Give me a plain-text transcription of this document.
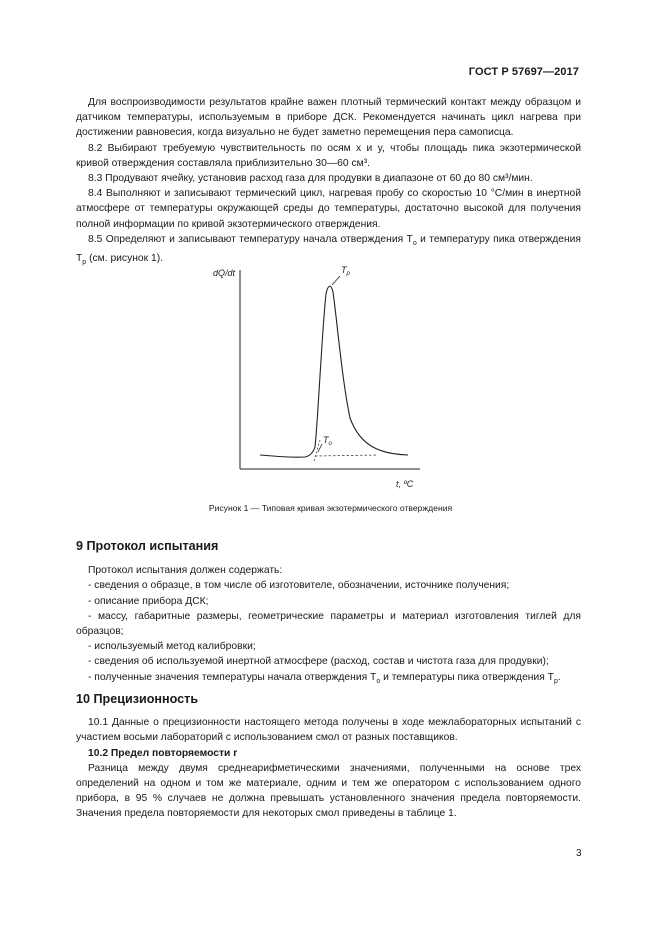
ГОСТ Р 57697—2017

Для воспроизводимости результатов крайне важен плотный термический контакт между образцом и датчиком температуры, используемым в приборе ДСК. Рекомендуется начинать цикл нагрева при достижении равновесия, когда визуально не будет заметно перемещения пера самописца.

8.2 Выбирают требуемую чувствительность по осям x и y, чтобы площадь пика экзотермической кривой отверждения составляла приблизительно 30—60 см³.

8.3 Продувают ячейку, установив расход газа для продувки в диапазоне от 60 до 80 см³/мин.

8.4 Выполняют и записывают термический цикл, нагревая пробу со скоростью 10 °С/мин в инертной атмосфере от температуры окружающей среды до температуры, достаточно высокой для получения полной информации по кривой экзотермического отверждения.

8.5 Определяют и записывают температуру начала отверждения $T_о$ и температуру пика отверждения $T_p$ (см. рисунок 1).

dQ/dt
t, ºC
$T_p$
$T_о$
Рисунок 1 — Типовая кривая экзотермического отверждения

9 Протокол испытания

Протокол испытания должен содержать:

- сведения о образце, в том числе об изготовителе, обозначении, источнике получения;

- описание прибора ДСК;

- массу, габаритные размеры, геометрические параметры и материал изготовления тиглей для образцов;

- используемый метод калибровки;

- сведения об используемой инертной атмосфере (расход, состав и чистота газа для продувки);

- полученные значения температуры начала отверждения $T_о$ и температуры пика отверждения $T_p$.

10 Прецизионность

10.1 Данные о прецизионности настоящего метода получены в ходе межлабораторных испытаний с участием восьми лабораторий с использованием смол от разных поставщиков.

10.2 Предел повторяемости r

Разница между двумя среднеарифметическими значениями, полученными на основе трех определений на одном и том же материале, одним и тем же оператором с использованием одного прибора, в 95 % случаев не должна превышать установленного значения предела повторяемости. Значения предела повторяемости для некоторых смол приведены в таблице 1.

3
